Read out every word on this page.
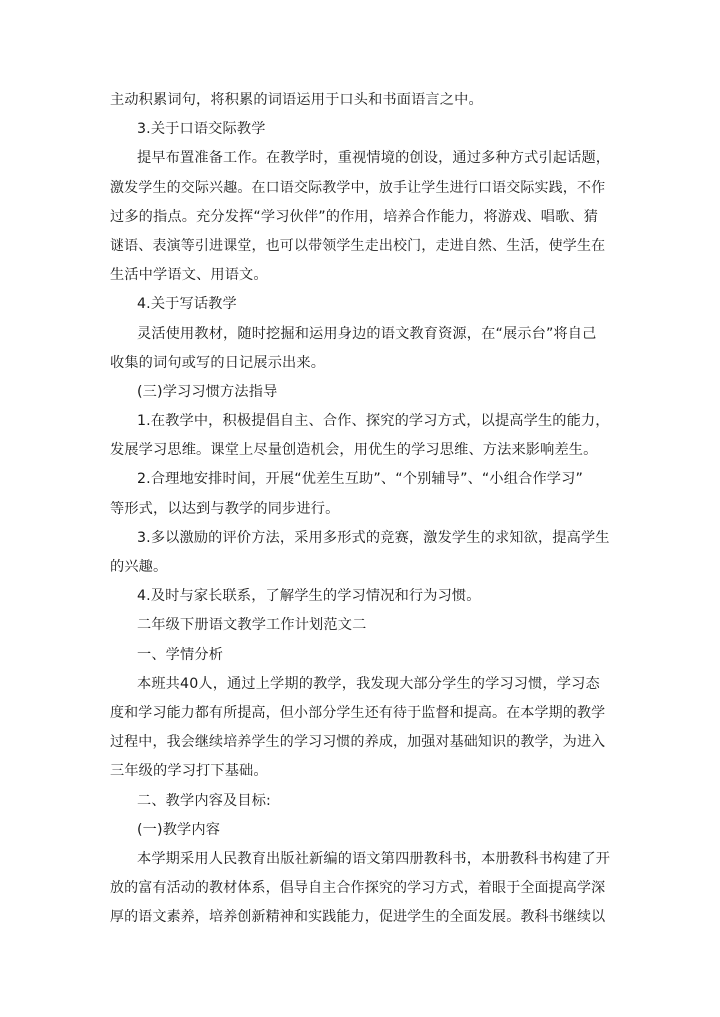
主动积累词句，将积累的词语运用于口头和书面语言之中。
3.关于口语交际教学
提早布置准备工作。在教学时，重视情境的创设，通过多种方式引起话题，
激发学生的交际兴趣。在口语交际教学中，放手让学生进行口语交际实践，不作
过多的指点。充分发挥“学习伙伴”的作用，培养合作能力，将游戏、唱歌、猜
谜语、表演等引进课堂，也可以带领学生走出校门，走进自然、生活，使学生在
生活中学语文、用语文。
4.关于写话教学
灵活使用教材，随时挖掘和运用身边的语文教育资源，在“展示台”将自己
收集的词句或写的日记展示出来。
(三)学习习惯方法指导
1.在教学中，积极提倡自主、合作、探究的学习方式，以提高学生的能力，
发展学习思维。课堂上尽量创造机会，用优生的学习思维、方法来影响差生。
2.合理地安排时间，开展“优差生互助”、“个别辅导”、“小组合作学习”
等形式，以达到与教学的同步进行。
3.多以激励的评价方法，采用多形式的竞赛，激发学生的求知欲，提高学生
的兴趣。
4.及时与家长联系，了解学生的学习情况和行为习惯。
二年级下册语文教学工作计划范文二
一、学情分析
本班共40人，通过上学期的教学，我发现大部分学生的学习习惯，学习态
度和学习能力都有所提高，但小部分学生还有待于监督和提高。在本学期的教学
过程中，我会继续培养学生的学习习惯的养成，加强对基础知识的教学，为进入
三年级的学习打下基础。
二、教学内容及目标:
(一)教学内容
本学期采用人民教育出版社新编的语文第四册教科书，本册教科书构建了开
放的富有活动的教材体系，倡导自主合作探究的学习方式，着眼于全面提高学深
厚的语文素养，培养创新精神和实践能力，促进学生的全面发展。教科书继续以
